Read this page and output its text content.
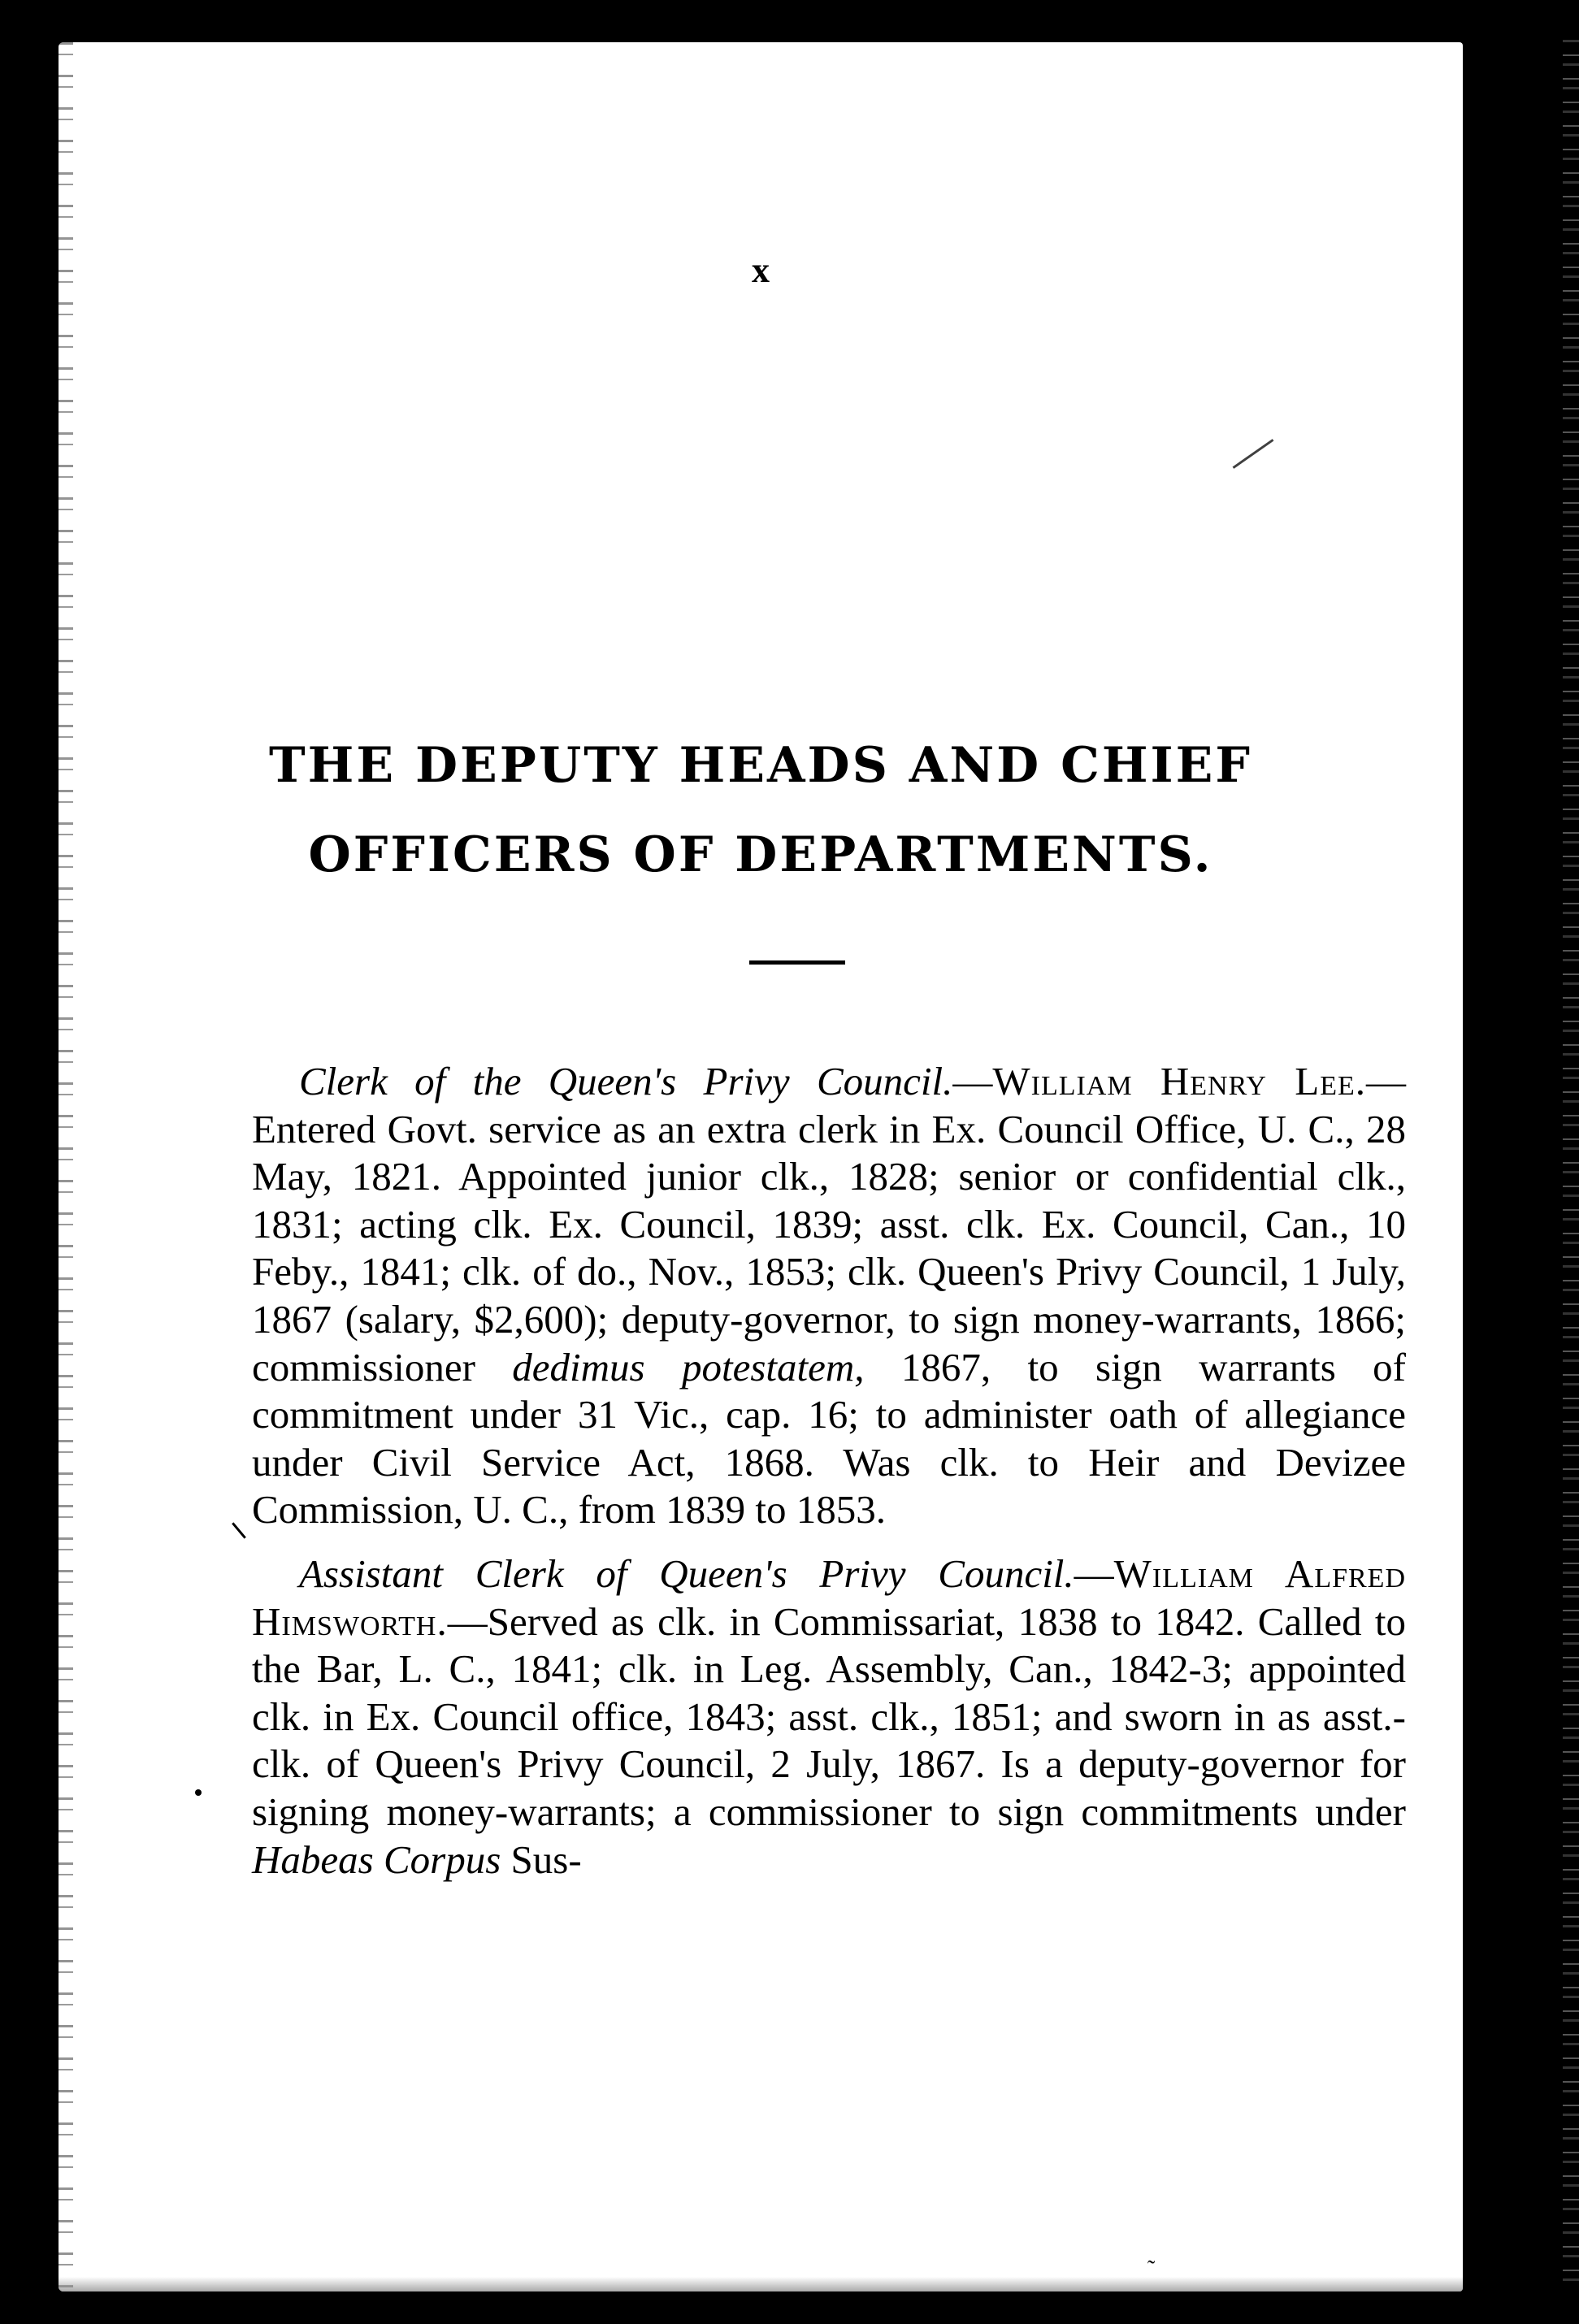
x
THE DEPUTY HEADS AND CHIEF
OFFICERS OF DEPARTMENTS.

Clerk of the Queen's Privy Council.—William Henry Lee.—Entered Govt. service as an extra clerk in Ex. Council Office, U. C., 28 May, 1821. Appointed junior clk., 1828; senior or confidential clk., 1831; acting clk. Ex. Council, 1839; asst. clk. Ex. Council, Can., 10 Feby., 1841; clk. of do., Nov., 1853; clk. Queen's Privy Council, 1 July, 1867 (salary, $2,600); deputy-governor, to sign money-warrants, 1866; commissioner dedimus potestatem, 1867, to sign warrants of commitment under 31 Vic., cap. 16; to administer oath of allegiance under Civil Service Act, 1868. Was clk. to Heir and Devizee Commission, U. C., from 1839 to 1853.

Assistant Clerk of Queen's Privy Council.—William Alfred Himsworth.—Served as clk. in Commissariat, 1838 to 1842. Called to the Bar, L. C., 1841; clk. in Leg. Assembly, Can., 1842-3; appointed clk. in Ex. Council office, 1843; asst. clk., 1851; and sworn in as asst.-clk. of Queen's Privy Council, 2 July, 1867. Is a deputy-governor for signing money-warrants; a commissioner to sign commitments under Habeas Corpus Sus-

˜
